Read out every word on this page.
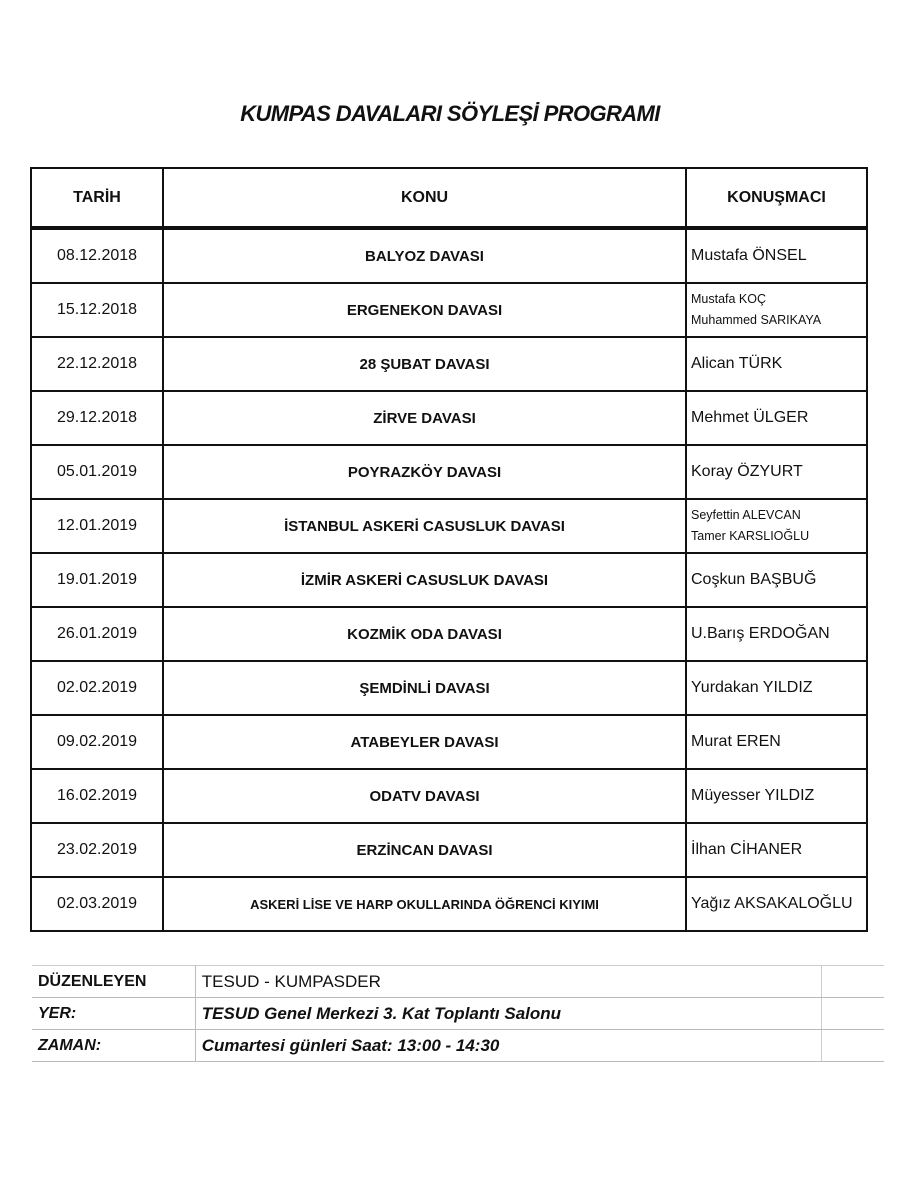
KUMPAS DAVALARI SÖYLEŞİ PROGRAMI
TARİH	KONU	KONUŞMACI
08.12.2018	BALYOZ DAVASI	Mustafa ÖNSEL

15.12.2018	ERGENEKON DAVASI	Mustafa KOÇ
Muhammed SARIKAYA

22.12.2018	28 ŞUBAT DAVASI	Alican TÜRK

29.12.2018	ZİRVE DAVASI	Mehmet ÜLGER

05.01.2019	POYRAZKÖY DAVASI	Koray ÖZYURT

12.01.2019	İSTANBUL ASKERİ CASUSLUK DAVASI	Seyfettin ALEVCAN
Tamer KARSLIOĞLU

19.01.2019	İZMİR ASKERİ CASUSLUK DAVASI	Coşkun BAŞBUĞ

26.01.2019	KOZMİK ODA DAVASI	U.Barış ERDOĞAN

02.02.2019	ŞEMDİNLİ DAVASI	Yurdakan YILDIZ

09.02.2019	ATABEYLER DAVASI	Murat EREN

16.02.2019	ODATV DAVASI	Müyesser YILDIZ

23.02.2019	ERZİNCAN DAVASI	İlhan CİHANER

02.03.2019	ASKERİ LİSE VE HARP OKULLARINDA ÖĞRENCİ KIYIMI	Yağız AKSAKALOĞLU
DÜZENLEYEN	TESUD - KUMPASDER	
YER:	TESUD Genel Merkezi 3. Kat Toplantı Salonu	
ZAMAN:	Cumartesi günleri Saat: 13:00 - 14:30	
